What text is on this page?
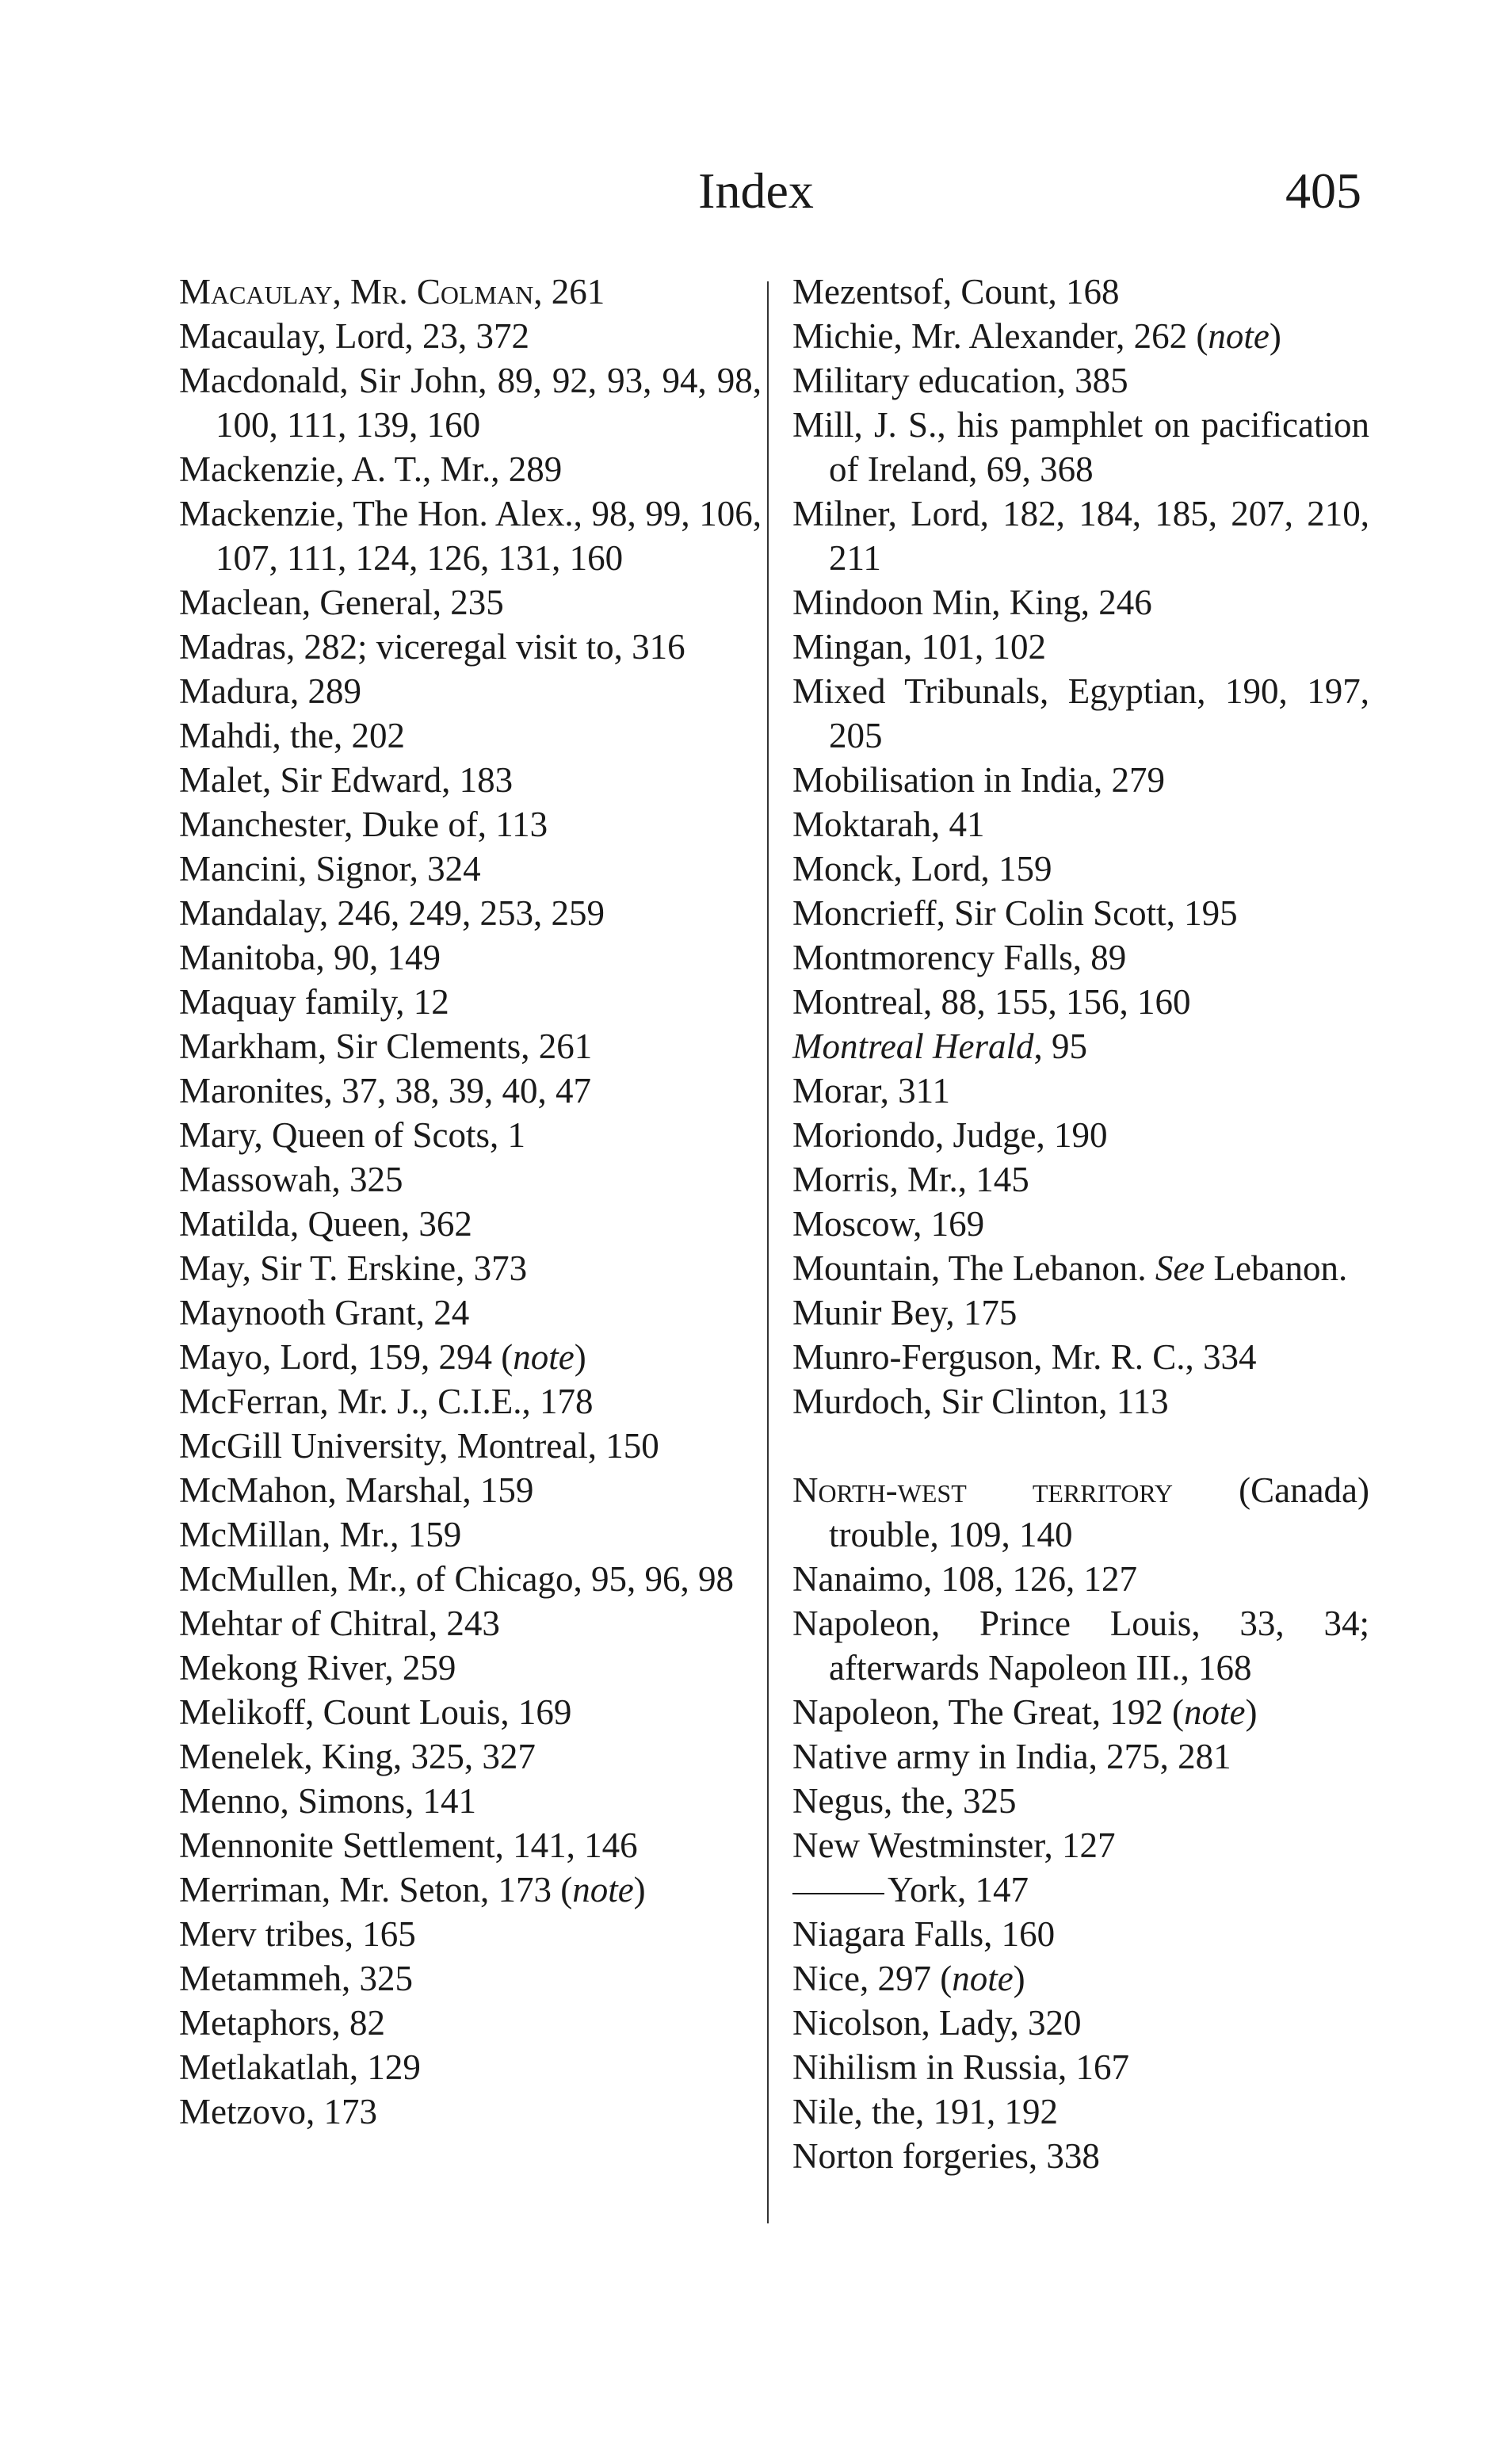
Index	405
Macaulay, Mr. Colman, 261
Macaulay, Lord, 23, 372
Macdonald, Sir John, 89, 92, 93, 94, 98, 100, 111, 139, 160
Mackenzie, A. T., Mr., 289
Mackenzie, The Hon. Alex., 98, 99, 106, 107, 111, 124, 126, 131, 160
Maclean, General, 235
Madras, 282; viceregal visit to, 316
Madura, 289
Mahdi, the, 202
Malet, Sir Edward, 183
Manchester, Duke of, 113
Mancini, Signor, 324
Mandalay, 246, 249, 253, 259
Manitoba, 90, 149
Maquay family, 12
Markham, Sir Clements, 261
Maronites, 37, 38, 39, 40, 47
Mary, Queen of Scots, 1
Massowah, 325
Matilda, Queen, 362
May, Sir T. Erskine, 373
Maynooth Grant, 24
Mayo, Lord, 159, 294 (note)
McFerran, Mr. J., C.I.E., 178
McGill University, Montreal, 150
McMahon, Marshal, 159
McMillan, Mr., 159
McMullen, Mr., of Chicago, 95, 96, 98
Mehtar of Chitral, 243
Mekong River, 259
Melikoff, Count Louis, 169
Menelek, King, 325, 327
Menno, Simons, 141
Mennonite Settlement, 141, 146
Merriman, Mr. Seton, 173 (note)
Merv tribes, 165
Metammeh, 325
Metaphors, 82
Metlakatlah, 129
Metzovo, 173
Mezentsof, Count, 168
Michie, Mr. Alexander, 262 (note)
Military education, 385
Mill, J. S., his pamphlet on pacification of Ireland, 69, 368
Milner, Lord, 182, 184, 185, 207, 210, 211
Mindoon Min, King, 246
Mingan, 101, 102
Mixed Tribunals, Egyptian, 190, 197, 205
Mobilisation in India, 279
Moktarah, 41
Monck, Lord, 159
Moncrieff, Sir Colin Scott, 195
Montmorency Falls, 89
Montreal, 88, 155, 156, 160
Montreal Herald, 95
Morar, 311
Moriondo, Judge, 190
Morris, Mr., 145
Moscow, 169
Mountain, The Lebanon. See Lebanon.
Munir Bey, 175
Munro-Ferguson, Mr. R. C., 334
Murdoch, Sir Clinton, 113
North-west territory (Canada) trouble, 109, 140
Nanaimo, 108, 126, 127
Napoleon, Prince Louis, 33, 34; afterwards Napoleon III., 168
Napoleon, The Great, 192 (note)
Native army in India, 275, 281
Negus, the, 325
New Westminster, 127
York, 147
Niagara Falls, 160
Nice, 297 (note)
Nicolson, Lady, 320
Nihilism in Russia, 167
Nile, the, 191, 192
Norton forgeries, 338
